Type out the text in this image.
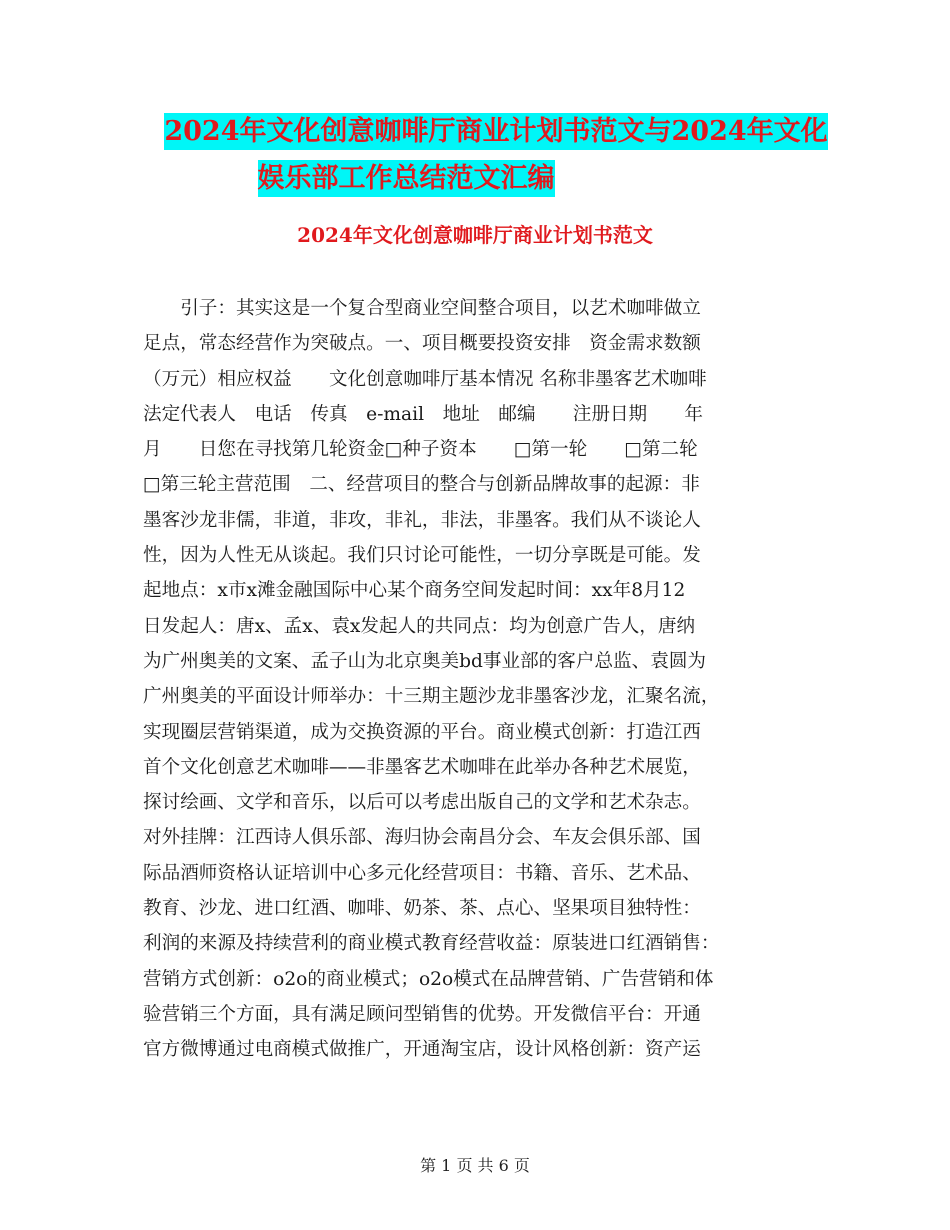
2024年文化创意咖啡厅商业计划书范文与2024年文化
娱乐部工作总结范文汇编
2024年文化创意咖啡厅商业计划书范文
　　引子：其实这是一个复合型商业空间整合项目，以艺术咖啡做立
足点，常态经营作为突破点。一、项目概要投资安排　资金需求数额
（万元）相应权益　　文化创意咖啡厅基本情况 名称非墨客艺术咖啡
法定代表人　电话　传真　e-mail　地址　邮编　　注册日期　　年
月　　日您在寻找第几轮资金□种子资本　　□第一轮　　□第二轮
□第三轮主营范围　二、经营项目的整合与创新品牌故事的起源：非
墨客沙龙非儒，非道，非攻，非礼，非法，非墨客。我们从不谈论人
性，因为人性无从谈起。我们只讨论可能性，一切分享既是可能。发
起地点：x市x滩金融国际中心某个商务空间发起时间：xx年8月12
日发起人：唐x、孟x、袁x发起人的共同点：均为创意广告人，唐纳
为广州奥美的文案、孟子山为北京奥美bd事业部的客户总监、袁圆为
广州奥美的平面设计师举办：十三期主题沙龙非墨客沙龙，汇聚名流，
实现圈层营销渠道，成为交换资源的平台。商业模式创新：打造江西
首个文化创意艺术咖啡——非墨客艺术咖啡在此举办各种艺术展览，
探讨绘画、文学和音乐，以后可以考虑出版自己的文学和艺术杂志。
对外挂牌：江西诗人俱乐部、海归协会南昌分会、车友会俱乐部、国
际品酒师资格认证培训中心多元化经营项目：书籍、音乐、艺术品、
教育、沙龙、进口红酒、咖啡、奶茶、茶、点心、坚果项目独特性：
利润的来源及持续营利的商业模式教育经营收益：原装进口红酒销售：
营销方式创新：o2o的商业模式；o2o模式在品牌营销、广告营销和体
验营销三个方面，具有满足顾问型销售的优势。开发微信平台：开通
官方微博通过电商模式做推广，开通淘宝店，设计风格创新：资产运
第 1 页 共 6 页
